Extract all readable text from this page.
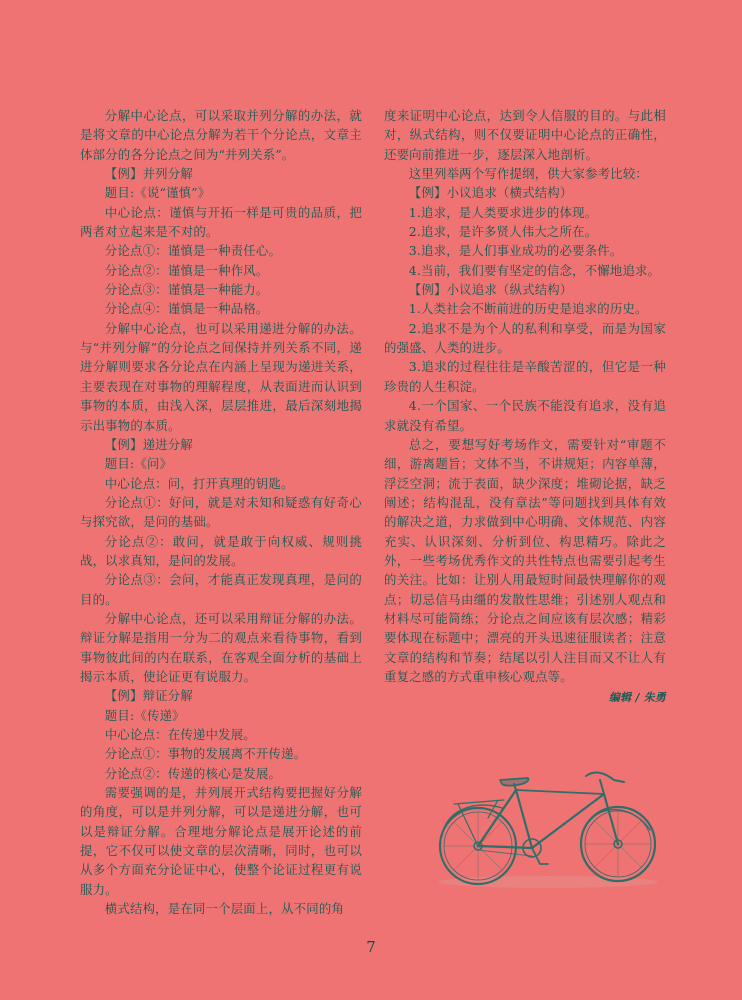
分解中心论点，可以采取并列分解的办法，就是将文章的中心论点分解为若干个分论点，文章主体部分的各分论点之间为“并列关系”。

【例】并列分解

题目:《说“谨慎”》

中心论点：谨慎与开拓一样是可贵的品质，把两者对立起来是不对的。

分论点①：谨慎是一种责任心。

分论点②：谨慎是一种作风。

分论点③：谨慎是一种能力。

分论点④：谨慎是一种品格。

分解中心论点，也可以采用递进分解的办法。与“并列分解”的分论点之间保持并列关系不同，递进分解则要求各分论点在内涵上呈现为递进关系，主要表现在对事物的理解程度，从表面进而认识到事物的本质，由浅入深，层层推进，最后深刻地揭示出事物的本质。

【例】递进分解

题目:《问》

中心论点：问，打开真理的钥匙。

分论点①：好问，就是对未知和疑惑有好奇心与探究欲，是问的基础。

分论点②：敢问，就是敢于向权威、规则挑战，以求真知，是问的发展。

分论点③：会问，才能真正发现真理，是问的目的。

分解中心论点，还可以采用辩证分解的办法。辩证分解是指用一分为二的观点来看待事物，看到事物彼此间的内在联系，在客观全面分析的基础上揭示本质，使论证更有说服力。

【例】辩证分解

题目:《传递》

中心论点：在传递中发展。

分论点①：事物的发展离不开传递。

分论点②：传递的核心是发展。

需要强调的是，并列展开式结构要把握好分解的角度，可以是并列分解，可以是递进分解，也可以是辩证分解。合理地分解论点是展开论述的前提，它不仅可以使文章的层次清晰，同时，也可以从多个方面充分论证中心，使整个论证过程更有说服力。

横式结构，是在同一个层面上，从不同的角

度来证明中心论点，达到令人信服的目的。与此相对，纵式结构，则不仅要证明中心论点的正确性，还要向前推进一步，逐层深入地剖析。

这里列举两个写作提纲，供大家参考比较：

【例】小议追求（横式结构）

1.追求，是人类要求进步的体现。

2.追求，是许多贤人伟大之所在。

3.追求，是人们事业成功的必要条件。

4.当前，我们要有坚定的信念，不懈地追求。

【例】小议追求（纵式结构）

1.人类社会不断前进的历史是追求的历史。

2.追求不是为个人的私利和享受，而是为国家的强盛、人类的进步。

3.追求的过程往往是辛酸苦涩的，但它是一种珍贵的人生积淀。

4.一个国家、一个民族不能没有追求，没有追求就没有希望。

总之，要想写好考场作文，需要针对“审题不细，游离题旨；文体不当，不讲规矩；内容单薄，浮泛空洞；流于表面，缺少深度；堆砌论据，缺乏阐述；结构混乱，没有章法”等问题找到具体有效的解决之道，力求做到中心明确、文体规范、内容充实、认识深刻、分析到位、构思精巧。除此之外，一些考场优秀作文的共性特点也需要引起考生的关注。比如：让别人用最短时间最快理解你的观点；切忌信马由缰的发散性思维；引述别人观点和材料尽可能简练；分论点之间应该有层次感；精彩要体现在标题中；漂亮的开头迅速征服读者；注意文章的结构和节奏；结尾以引人注目而又不让人有重复之感的方式重申核心观点等。

编辑 / 朱勇

7
